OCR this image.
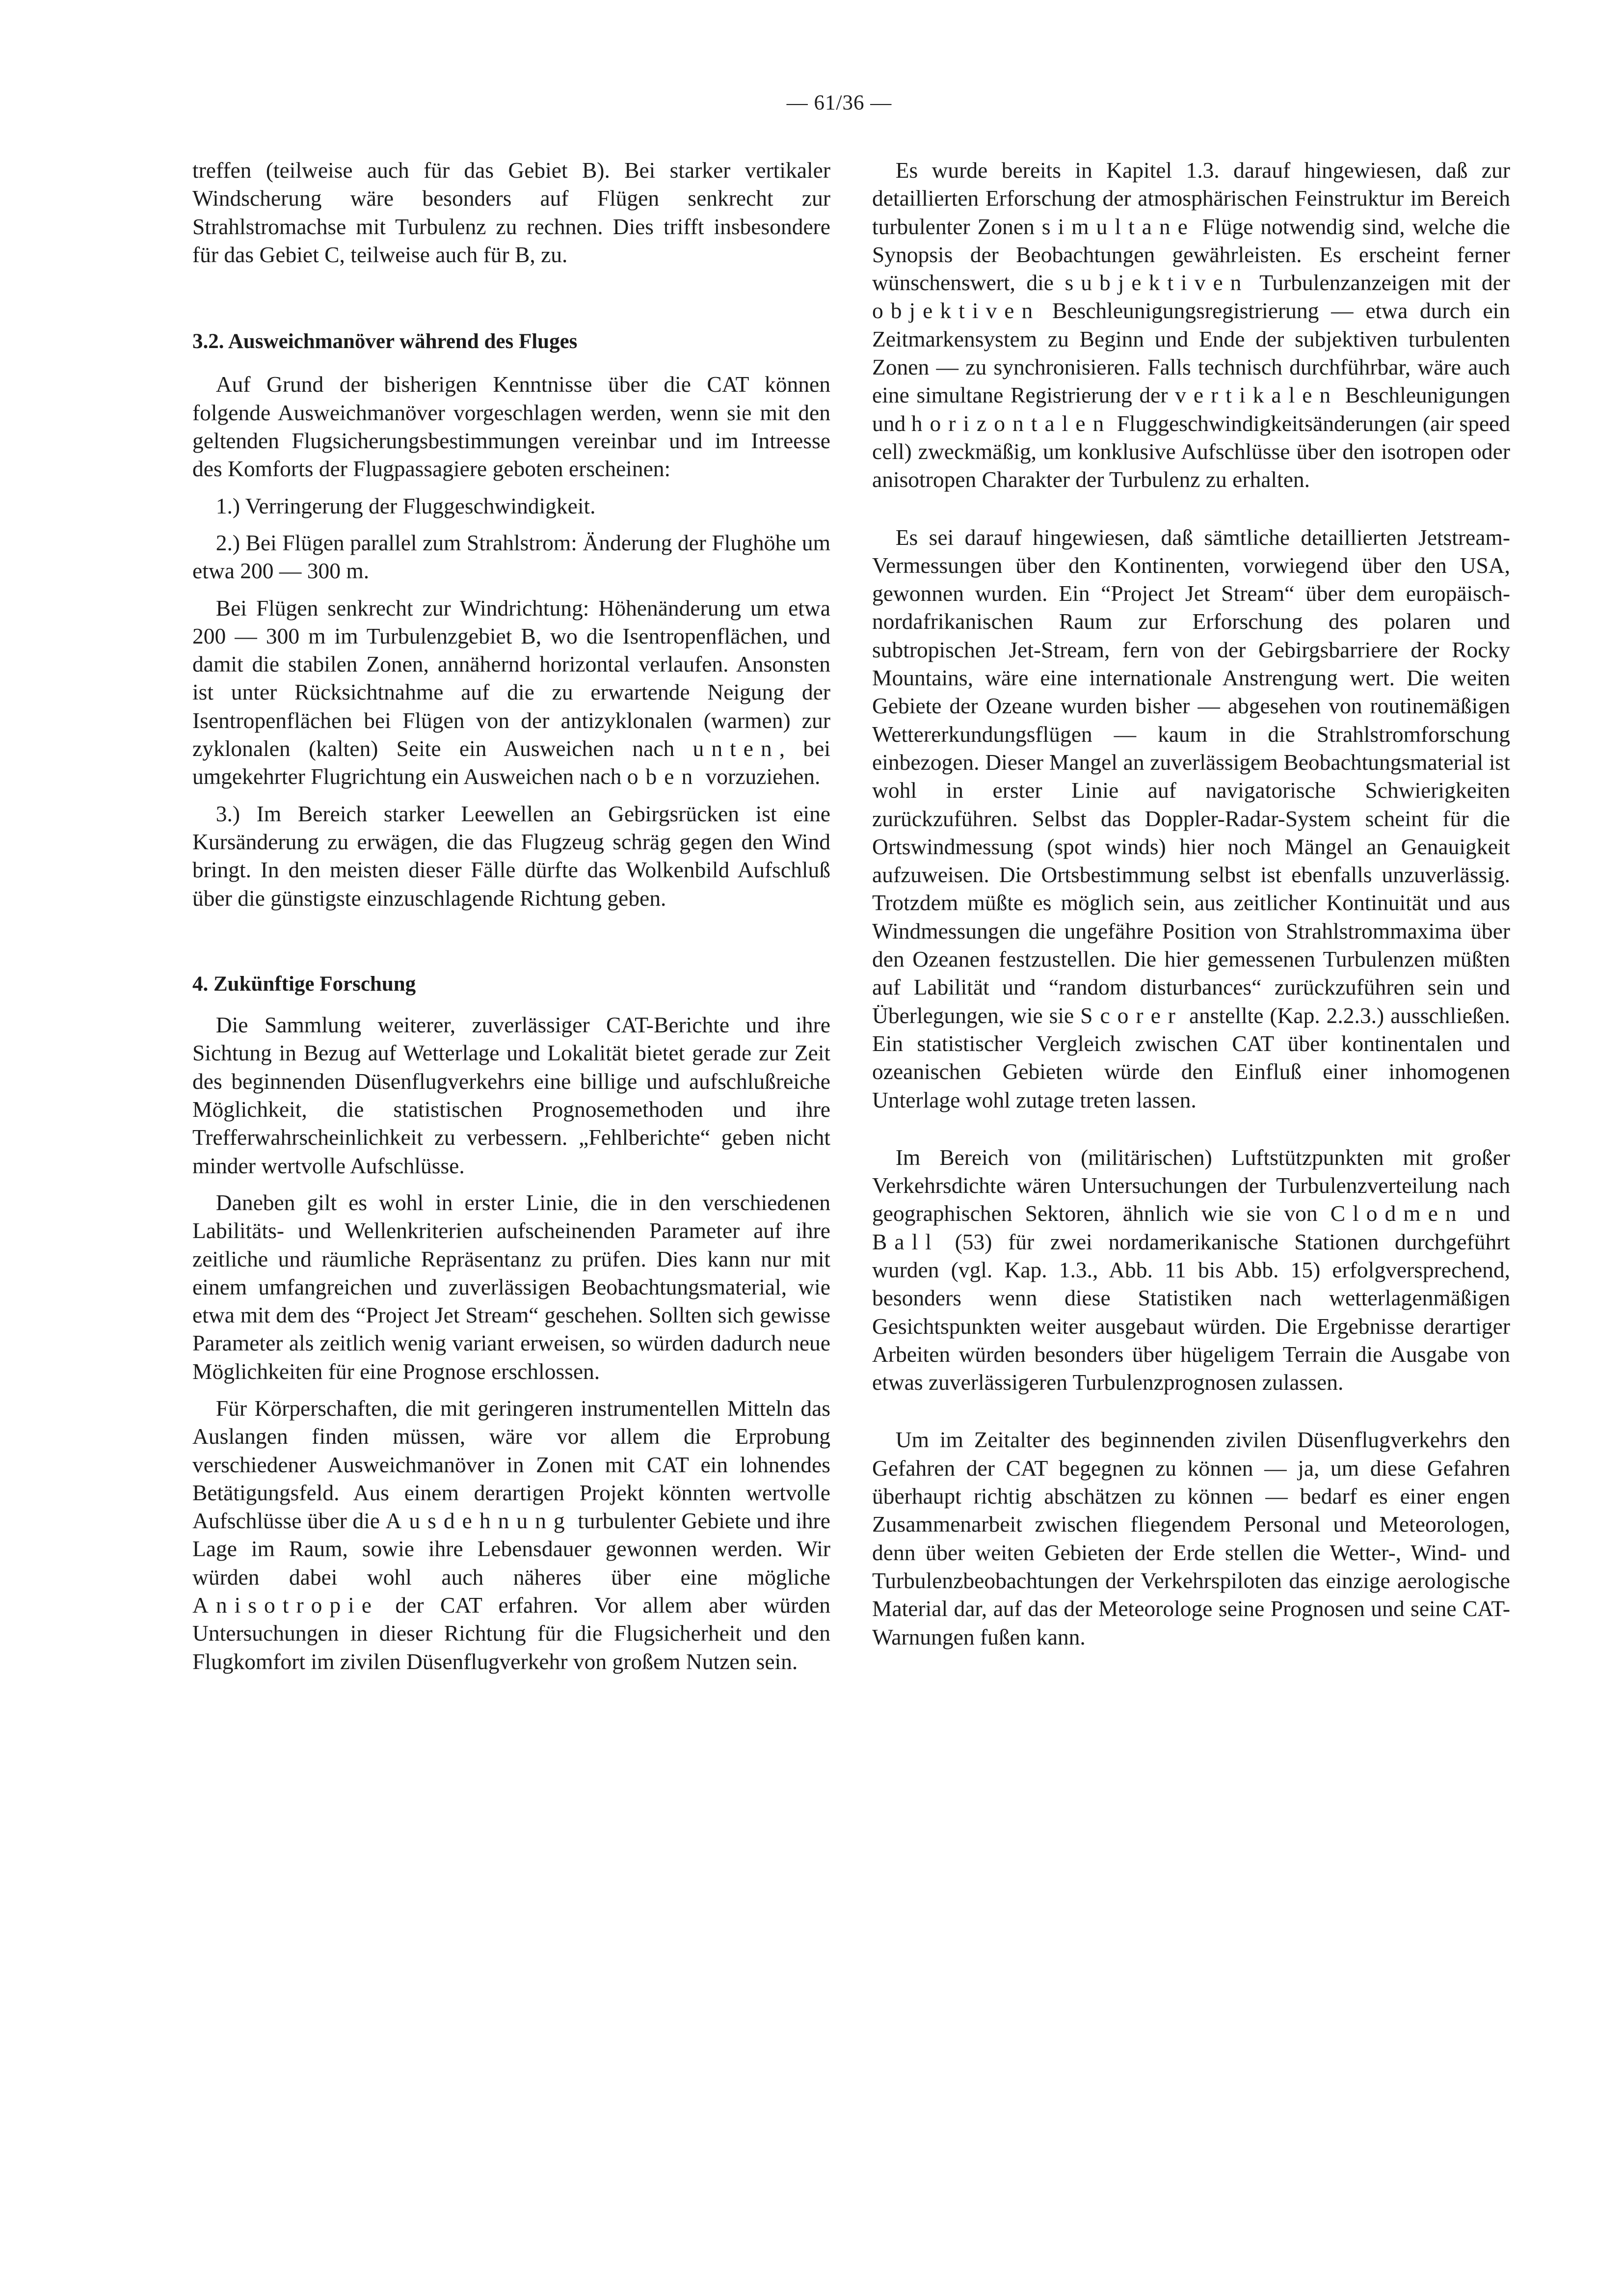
— 61/36 —

treffen (teilweise auch für das Gebiet B). Bei starker vertikaler Windscherung wäre besonders auf Flügen senkrecht zur Strahlstromachse mit Turbulenz zu rechnen. Dies trifft insbesondere für das Gebiet C, teilweise auch für B, zu.

3.2. Ausweichmanöver während des Fluges

Auf Grund der bisherigen Kenntnisse über die CAT können folgende Ausweichmanöver vorgeschlagen werden, wenn sie mit den geltenden Flugsicherungsbestimmungen vereinbar und im Intreesse des Komforts der Flugpassagiere geboten erscheinen:

1.) Verringerung der Fluggeschwindigkeit.

2.) Bei Flügen parallel zum Strahlstrom: Änderung der Flughöhe um etwa 200 — 300 m.

Bei Flügen senkrecht zur Windrichtung: Höhenänderung um etwa 200 — 300 m im Turbulenzgebiet B, wo die Isentropenflächen, und damit die stabilen Zonen, annähernd horizontal verlaufen. Ansonsten ist unter Rücksichtnahme auf die zu erwartende Neigung der Isentropenflächen bei Flügen von der antizyklonalen (warmen) zur zyklonalen (kalten) Seite ein Ausweichen nach unten, bei umgekehrter Flugrichtung ein Ausweichen nach oben vorzuziehen.

3.) Im Bereich starker Leewellen an Gebirgsrücken ist eine Kursänderung zu erwägen, die das Flugzeug schräg gegen den Wind bringt. In den meisten dieser Fälle dürfte das Wolkenbild Aufschluß über die günstigste einzuschlagende Richtung geben.

4. Zukünftige Forschung

Die Sammlung weiterer, zuverlässiger CAT-Berichte und ihre Sichtung in Bezug auf Wetterlage und Lokalität bietet gerade zur Zeit des beginnenden Düsenflugverkehrs eine billige und aufschlußreiche Möglichkeit, die statistischen Prognosemethoden und ihre Trefferwahrscheinlichkeit zu verbessern. „Fehlberichte“ geben nicht minder wertvolle Aufschlüsse.

Daneben gilt es wohl in erster Linie, die in den verschiedenen Labilitäts- und Wellenkriterien aufscheinenden Parameter auf ihre zeitliche und räumliche Repräsentanz zu prüfen. Dies kann nur mit einem umfangreichen und zuverlässigen Beobachtungsmaterial, wie etwa mit dem des “Project Jet Stream“ geschehen. Sollten sich gewisse Parameter als zeitlich wenig variant erweisen, so würden dadurch neue Möglichkeiten für eine Prognose erschlossen.

Für Körperschaften, die mit geringeren instrumentellen Mitteln das Auslangen finden müssen, wäre vor allem die Erprobung verschiedener Ausweichmanöver in Zonen mit CAT ein lohnendes Betätigungsfeld. Aus einem derartigen Projekt könnten wertvolle Aufschlüsse über die Ausdehnung turbulenter Gebiete und ihre Lage im Raum, sowie ihre Lebensdauer gewonnen werden. Wir würden dabei wohl auch näheres über eine mögliche Anisotropie der CAT erfahren. Vor allem aber würden Untersuchungen in dieser Richtung für die Flugsicherheit und den Flugkomfort im zivilen Düsenflugverkehr von großem Nutzen sein.

Es wurde bereits in Kapitel 1.3. darauf hingewiesen, daß zur detaillierten Erforschung der atmosphärischen Feinstruktur im Bereich turbulenter Zonen simultane Flüge notwendig sind, welche die Synopsis der Beobachtungen gewährleisten. Es erscheint ferner wünschenswert, die subjektiven Turbulenzanzeigen mit der objektiven Beschleunigungsregistrierung — etwa durch ein Zeitmarkensystem zu Beginn und Ende der subjektiven turbulenten Zonen — zu synchronisieren. Falls technisch durchführbar, wäre auch eine simultane Registrierung der vertikalen Beschleunigungen und horizontalen Fluggeschwindigkeitsänderungen (air speed cell) zweckmäßig, um konklusive Aufschlüsse über den isotropen oder anisotropen Charakter der Turbulenz zu erhalten.

Es sei darauf hingewiesen, daß sämtliche detaillierten Jetstream-Vermessungen über den Kontinenten, vorwiegend über den USA, gewonnen wurden. Ein “Project Jet Stream“ über dem europäisch-nordafrikanischen Raum zur Erforschung des polaren und subtropischen Jet-Stream, fern von der Gebirgsbarriere der Rocky Mountains, wäre eine internationale Anstrengung wert. Die weiten Gebiete der Ozeane wurden bisher — abgesehen von routinemäßigen Wettererkundungsflügen — kaum in die Strahlstromforschung einbezogen. Dieser Mangel an zuverlässigem Beobachtungsmaterial ist wohl in erster Linie auf navigatorische Schwierigkeiten zurückzuführen. Selbst das Doppler-Radar-System scheint für die Ortswindmessung (spot winds) hier noch Mängel an Genauigkeit aufzuweisen. Die Ortsbestimmung selbst ist ebenfalls unzuverlässig. Trotzdem müßte es möglich sein, aus zeitlicher Kontinuität und aus Windmessungen die ungefähre Position von Strahlstrommaxima über den Ozeanen festzustellen. Die hier gemessenen Turbulenzen müßten auf Labilität und “random disturbances“ zurückzuführen sein und Überlegungen, wie sie Scorer anstellte (Kap. 2.2.3.) ausschließen. Ein statistischer Vergleich zwischen CAT über kontinentalen und ozeanischen Gebieten würde den Einfluß einer inhomogenen Unterlage wohl zutage treten lassen.

Im Bereich von (militärischen) Luftstützpunkten mit großer Verkehrsdichte wären Untersuchungen der Turbulenzverteilung nach geographischen Sektoren, ähnlich wie sie von Clodmen und Ball (53) für zwei nordamerikanische Stationen durchgeführt wurden (vgl. Kap. 1.3., Abb. 11 bis Abb. 15) erfolgversprechend, besonders wenn diese Statistiken nach wetterlagenmäßigen Gesichtspunkten weiter ausgebaut würden. Die Ergebnisse derartiger Arbeiten würden besonders über hügeligem Terrain die Ausgabe von etwas zuverlässigeren Turbulenzprognosen zulassen.

Um im Zeitalter des beginnenden zivilen Düsenflugverkehrs den Gefahren der CAT begegnen zu können — ja, um diese Gefahren überhaupt richtig abschätzen zu können — bedarf es einer engen Zusammenarbeit zwischen fliegendem Personal und Meteorologen, denn über weiten Gebieten der Erde stellen die Wetter-, Wind- und Turbulenzbeobachtungen der Verkehrspiloten das einzige aerologische Material dar, auf das der Meteorologe seine Prognosen und seine CAT-Warnungen fußen kann.
